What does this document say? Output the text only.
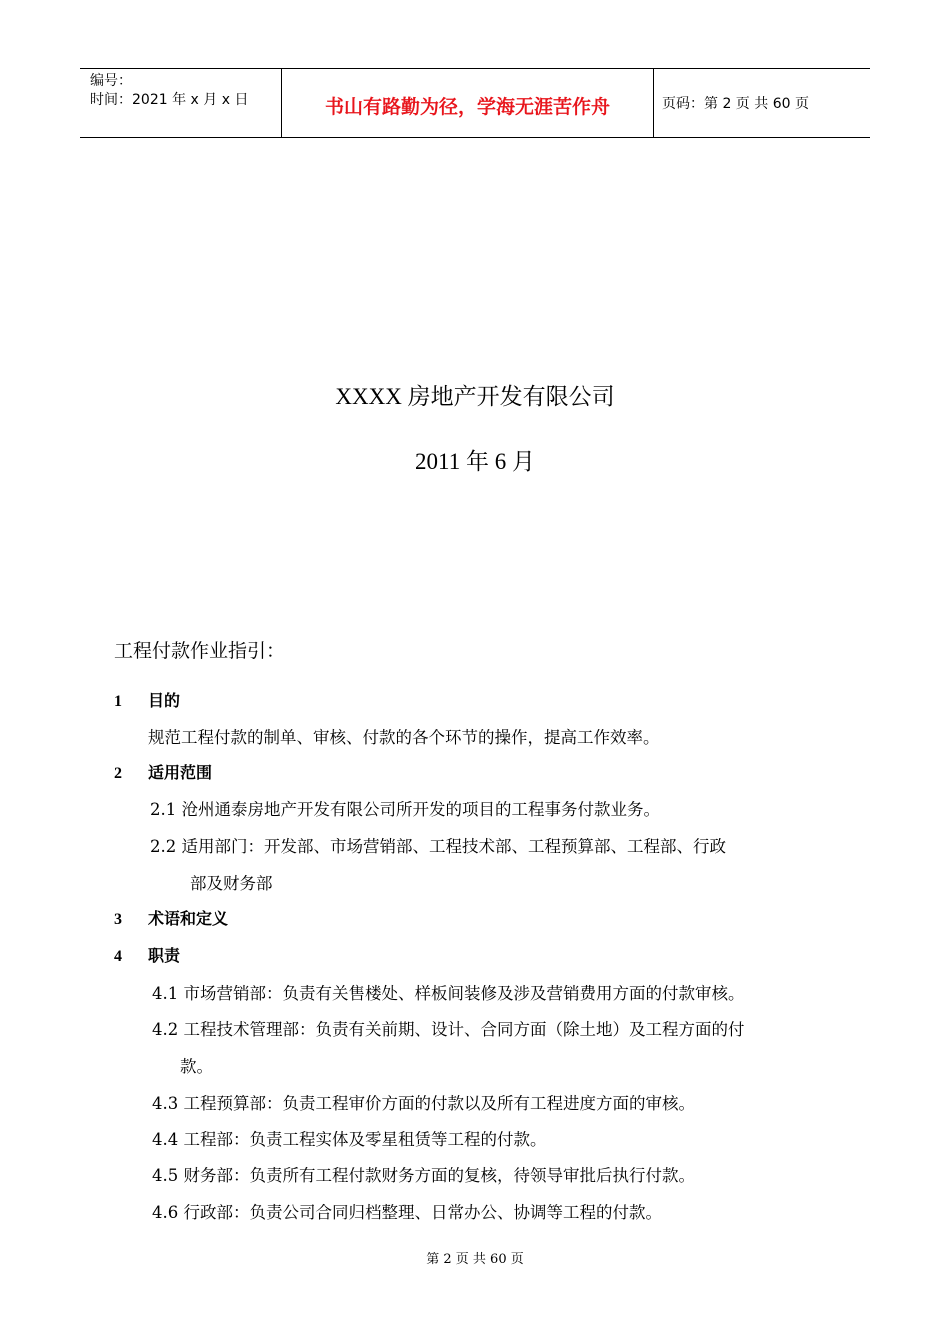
编号：
时间：2021 年 x 月 x 日	书山有路勤为径，学海无涯苦作舟	页码：第 2 页 共 60 页
XXXX 房地产开发有限公司
2011 年 6 月
工程付款作业指引：
1 目的
规范工程付款的制单、审核、付款的各个环节的操作，提高工作效率。
2 适用范围
2.1 沧州通泰房地产开发有限公司所开发的项目的工程事务付款业务。
2.2 适用部门：开发部、市场营销部、工程技术部、工程预算部、工程部、行政
部及财务部
3 术语和定义
4 职责
4.1 市场营销部：负责有关售楼处、样板间装修及涉及营销费用方面的付款审核。
4.2 工程技术管理部：负责有关前期、设计、合同方面（除土地）及工程方面的付
款。
4.3 工程预算部：负责工程审价方面的付款以及所有工程进度方面的审核。
4.4 工程部：负责工程实体及零星租赁等工程的付款。
4.5 财务部：负责所有工程付款财务方面的复核，待领导审批后执行付款。
4.6 行政部：负责公司合同归档整理、日常办公、协调等工程的付款。
第 2 页 共 60 页
